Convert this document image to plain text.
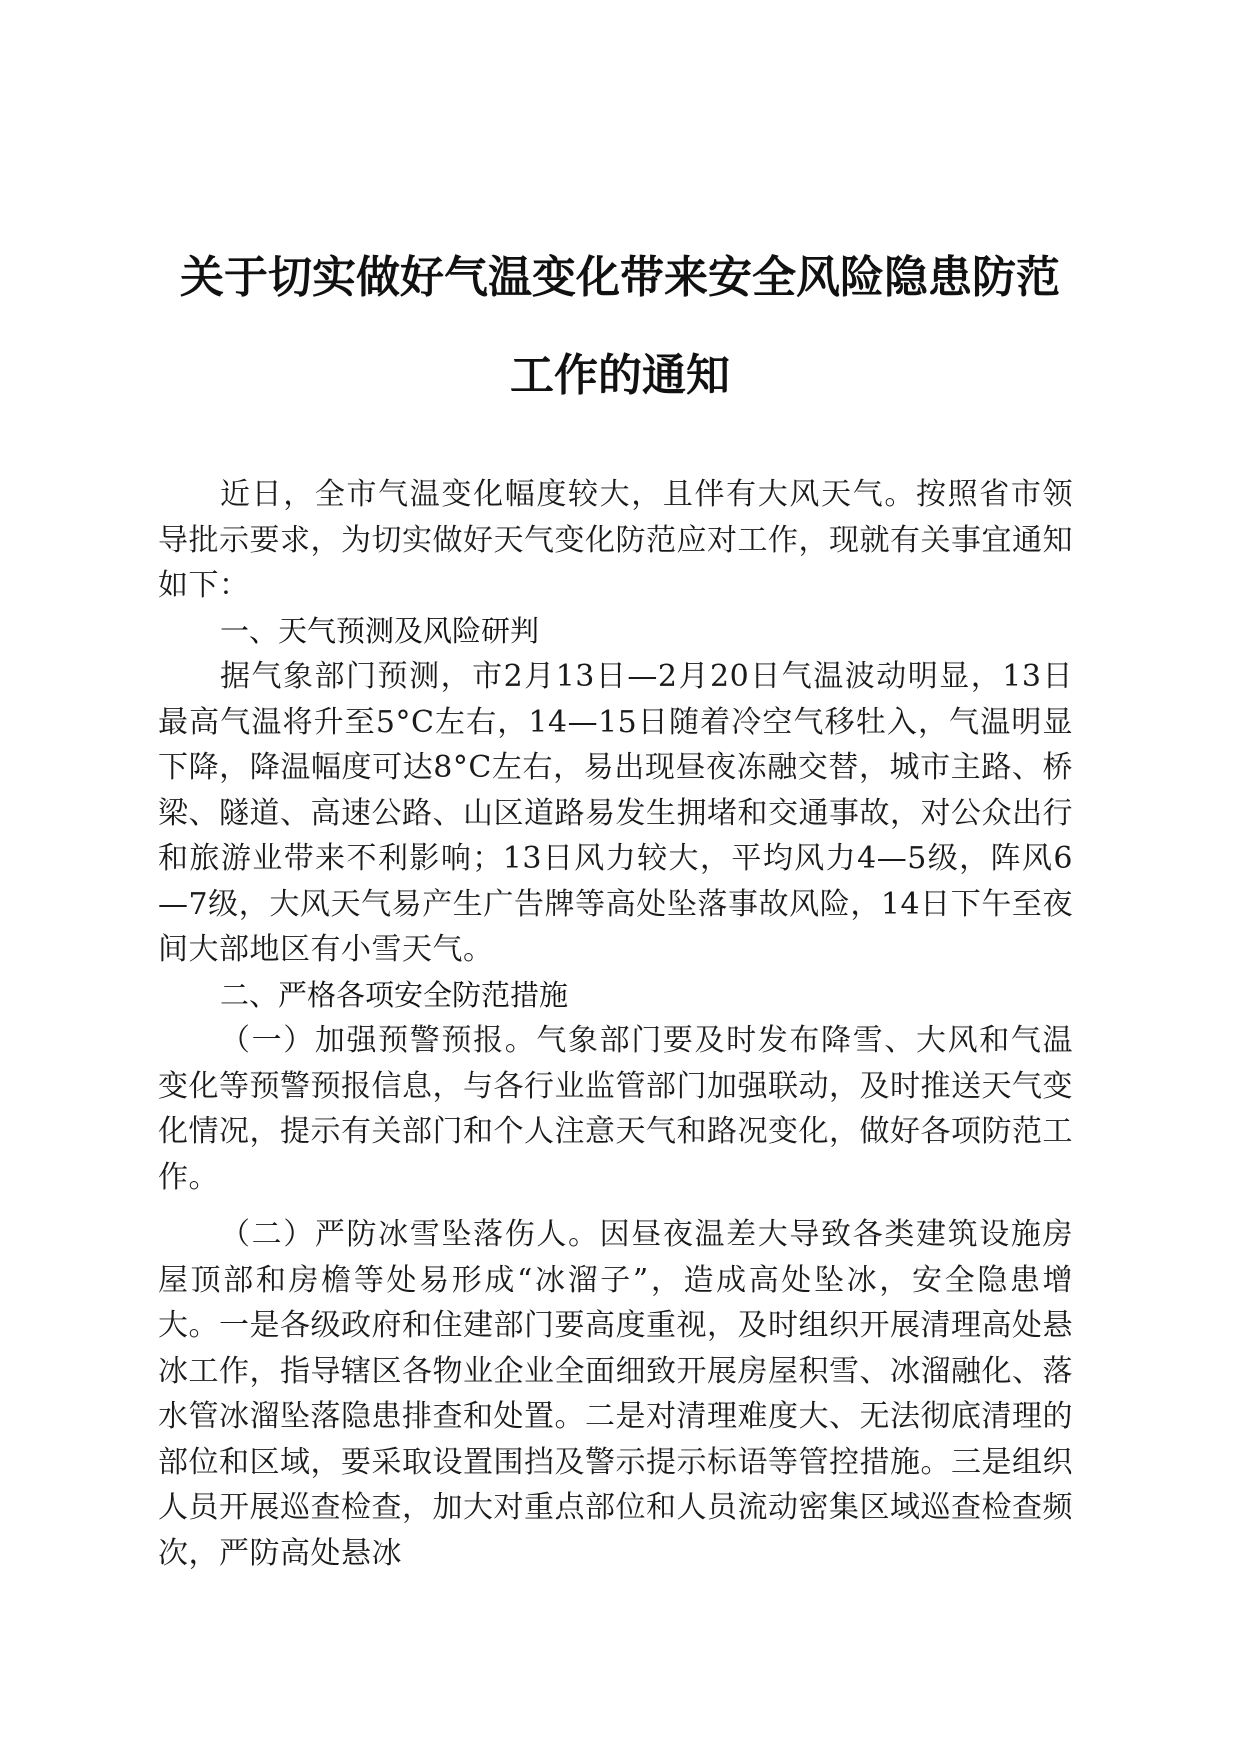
关于切实做好气温变化带来安全风险隐患防范
工作的通知

近日，全市气温变化幅度较大，且伴有大风天气。按照省市领导批示要求，为切实做好天气变化防范应对工作，现就有关事宜通知如下：

一、天气预测及风险研判

据气象部门预测，市2月13日—2月20日气温波动明显，13日最高气温将升至5°C左右，14—15日随着冷空气移牡入，气温明显下降，降温幅度可达8°C左右，易出现昼夜冻融交替，城市主路、桥梁、隧道、高速公路、山区道路易发生拥堵和交通事故，对公众出行和旅游业带来不利影响；13日风力较大，平均风力4—5级，阵风6—7级，大风天气易产生广告牌等高处坠落事故风险，14日下午至夜间大部地区有小雪天气。

二、严格各项安全防范措施

（一）加强预警预报。气象部门要及时发布降雪、大风和气温变化等预警预报信息，与各行业监管部门加强联动，及时推送天气变化情况，提示有关部门和个人注意天气和路况变化，做好各项防范工作。

（二）严防冰雪坠落伤人。因昼夜温差大导致各类建筑设施房屋顶部和房檐等处易形成“冰溜子”，造成高处坠冰，安全隐患增大。一是各级政府和住建部门要高度重视，及时组织开展清理高处悬冰工作，指导辖区各物业企业全面细致开展房屋积雪、冰溜融化、落水管冰溜坠落隐患排查和处置。二是对清理难度大、无法彻底清理的部位和区域，要采取设置围挡及警示提示标语等管控措施。三是组织人员开展巡查检查，加大对重点部位和人员流动密集区域巡查检查频次，严防高处悬冰
